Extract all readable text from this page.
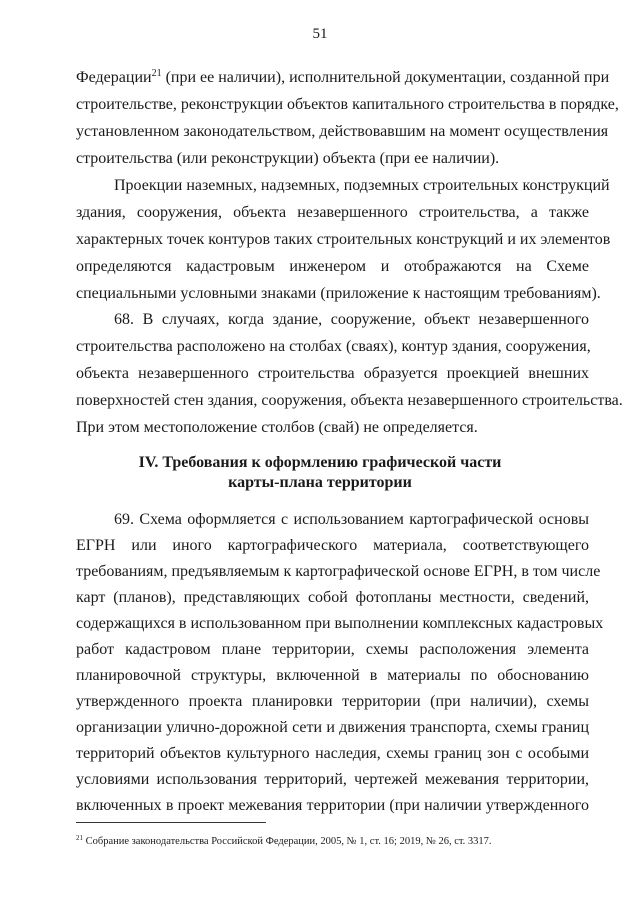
51
Федерации$^{21}$ (при ее наличии), исполнительной документации, созданной при
строительстве, реконструкции объектов капитального строительства в порядке,
установленном законодательством, действовавшим на момент осуществления
строительства (или реконструкции) объекта (при ее наличии).
Проекции наземных, надземных, подземных строительных конструкций
здания, сооружения, объекта незавершенного строительства, а также
характерных точек контуров таких строительных конструкций и их элементов
определяются кадастровым инженером и отображаются на Схеме
специальными условными знаками (приложение к настоящим требованиям).
68. В случаях, когда здание, сооружение, объект незавершенного
строительства расположено на столбах (сваях), контур здания, сооружения,
объекта незавершенного строительства образуется проекцией внешних
поверхностей стен здания, сооружения, объекта незавершенного строительства.
При этом местоположение столбов (свай) не определяется.
IV. Требования к оформлению графической части
карты-плана территории
69. Схема оформляется с использованием картографической основы
ЕГРН или иного картографического материала, соответствующего
требованиям, предъявляемым к картографической основе ЕГРН, в том числе
карт (планов), представляющих собой фотопланы местности, сведений,
содержащихся в использованном при выполнении комплексных кадастровых
работ кадастровом плане территории, схемы расположения элемента
планировочной структуры, включенной в материалы по обоснованию
утвержденного проекта планировки территории (при наличии), схемы
организации улично-дорожной сети и движения транспорта, схемы границ
территорий объектов культурного наследия, схемы границ зон с особыми
условиями использования территорий, чертежей межевания территории,
включенных в проект межевания территории (при наличии утвержденного
$^{21}$ Собрание законодательства Российской Федерации, 2005, № 1, ст. 16; 2019, № 26, ст. 3317.
